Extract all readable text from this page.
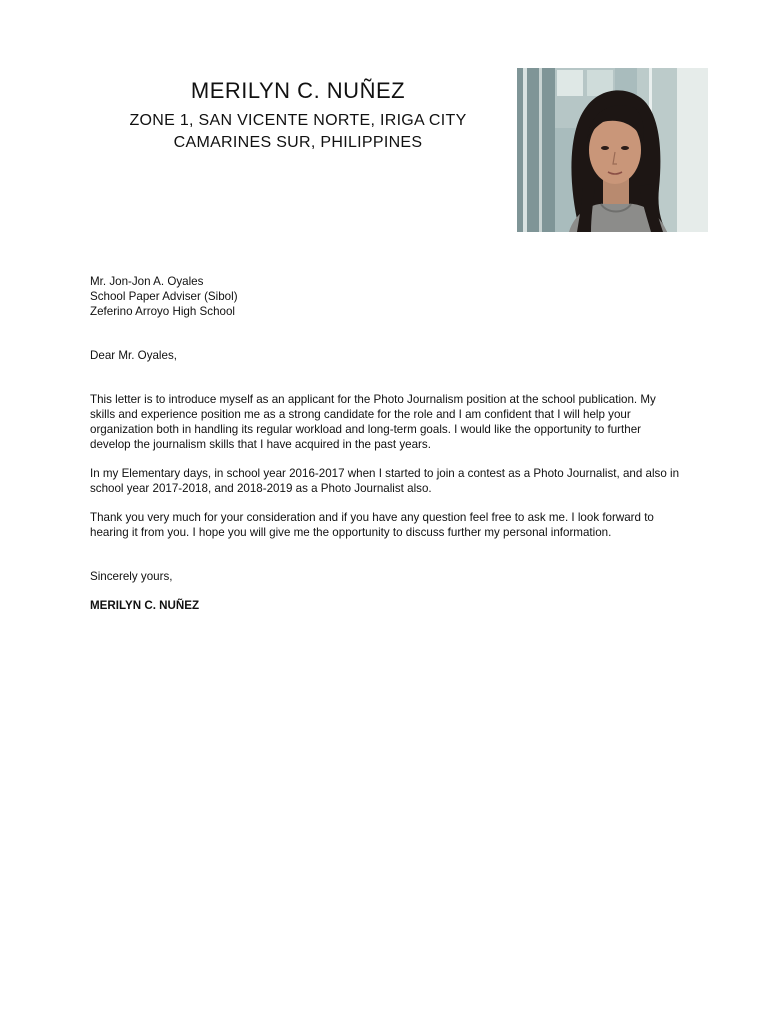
MERILYN C. NUÑEZ

ZONE 1, SAN VICENTE NORTE, IRIGA CITY

CAMARINES SUR, PHILIPPINES

Mr. Jon-Jon A. Oyales

School Paper Adviser (Sibol)

Zeferino Arroyo High School

Dear Mr. Oyales,

This letter is to introduce myself as an applicant for the Photo Journalism position at the school publication. My skills and experience position me as a strong candidate for the role and I am confident that I will help your organization both in handling its regular workload and long-term goals. I would like the opportunity to further develop the journalism skills that I have acquired in the past years.

In my Elementary days, in school year 2016-2017 when I started to join a contest as a Photo Journalist, and also in school year 2017-2018, and 2018-2019 as a Photo Journalist also.

Thank you very much for your consideration and if you have any question feel free to ask me. I look forward to hearing it from you. I hope you will give me the opportunity to discuss further my personal information.

Sincerely yours,

MERILYN C. NUÑEZ
